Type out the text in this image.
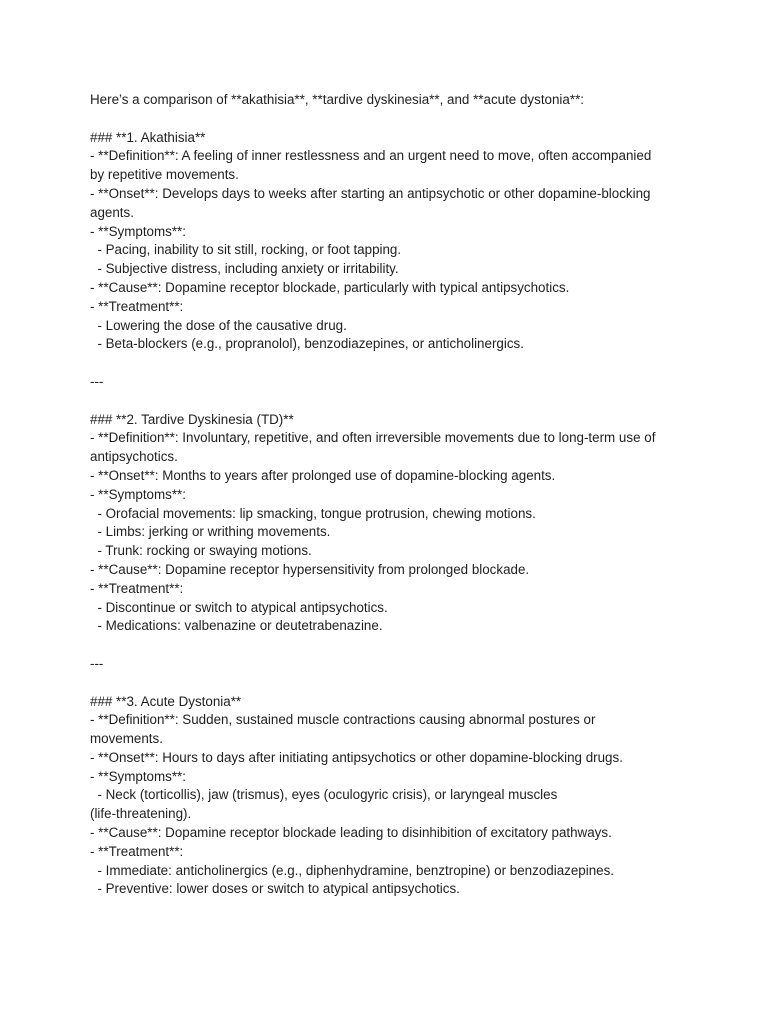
Here’s a comparison of **akathisia**, **tardive dyskinesia**, and **acute dystonia**:
### **1. Akathisia**
- **Definition**: A feeling of inner restlessness and an urgent need to move, often accompanied
by repetitive movements.
- **Onset**: Develops days to weeks after starting an antipsychotic or other dopamine-blocking
agents.
- **Symptoms**:
- Pacing, inability to sit still, rocking, or foot tapping.
- Subjective distress, including anxiety or irritability.
- **Cause**: Dopamine receptor blockade, particularly with typical antipsychotics.
- **Treatment**:
- Lowering the dose of the causative drug.
- Beta-blockers (e.g., propranolol), benzodiazepines, or anticholinergics.
---
### **2. Tardive Dyskinesia (TD)**
- **Definition**: Involuntary, repetitive, and often irreversible movements due to long-term use of
antipsychotics.
- **Onset**: Months to years after prolonged use of dopamine-blocking agents.
- **Symptoms**:
- Orofacial movements: lip smacking, tongue protrusion, chewing motions.
- Limbs: jerking or writhing movements.
- Trunk: rocking or swaying motions.
- **Cause**: Dopamine receptor hypersensitivity from prolonged blockade.
- **Treatment**:
- Discontinue or switch to atypical antipsychotics.
- Medications: valbenazine or deutetrabenazine.
---
### **3. Acute Dystonia**
- **Definition**: Sudden, sustained muscle contractions causing abnormal postures or
movements.
- **Onset**: Hours to days after initiating antipsychotics or other dopamine-blocking drugs.
- **Symptoms**:
- Neck (torticollis), jaw (trismus), eyes (oculogyric crisis), or laryngeal muscles
(life-threatening).
- **Cause**: Dopamine receptor blockade leading to disinhibition of excitatory pathways.
- **Treatment**:
- Immediate: anticholinergics (e.g., diphenhydramine, benztropine) or benzodiazepines.
- Preventive: lower doses or switch to atypical antipsychotics.
